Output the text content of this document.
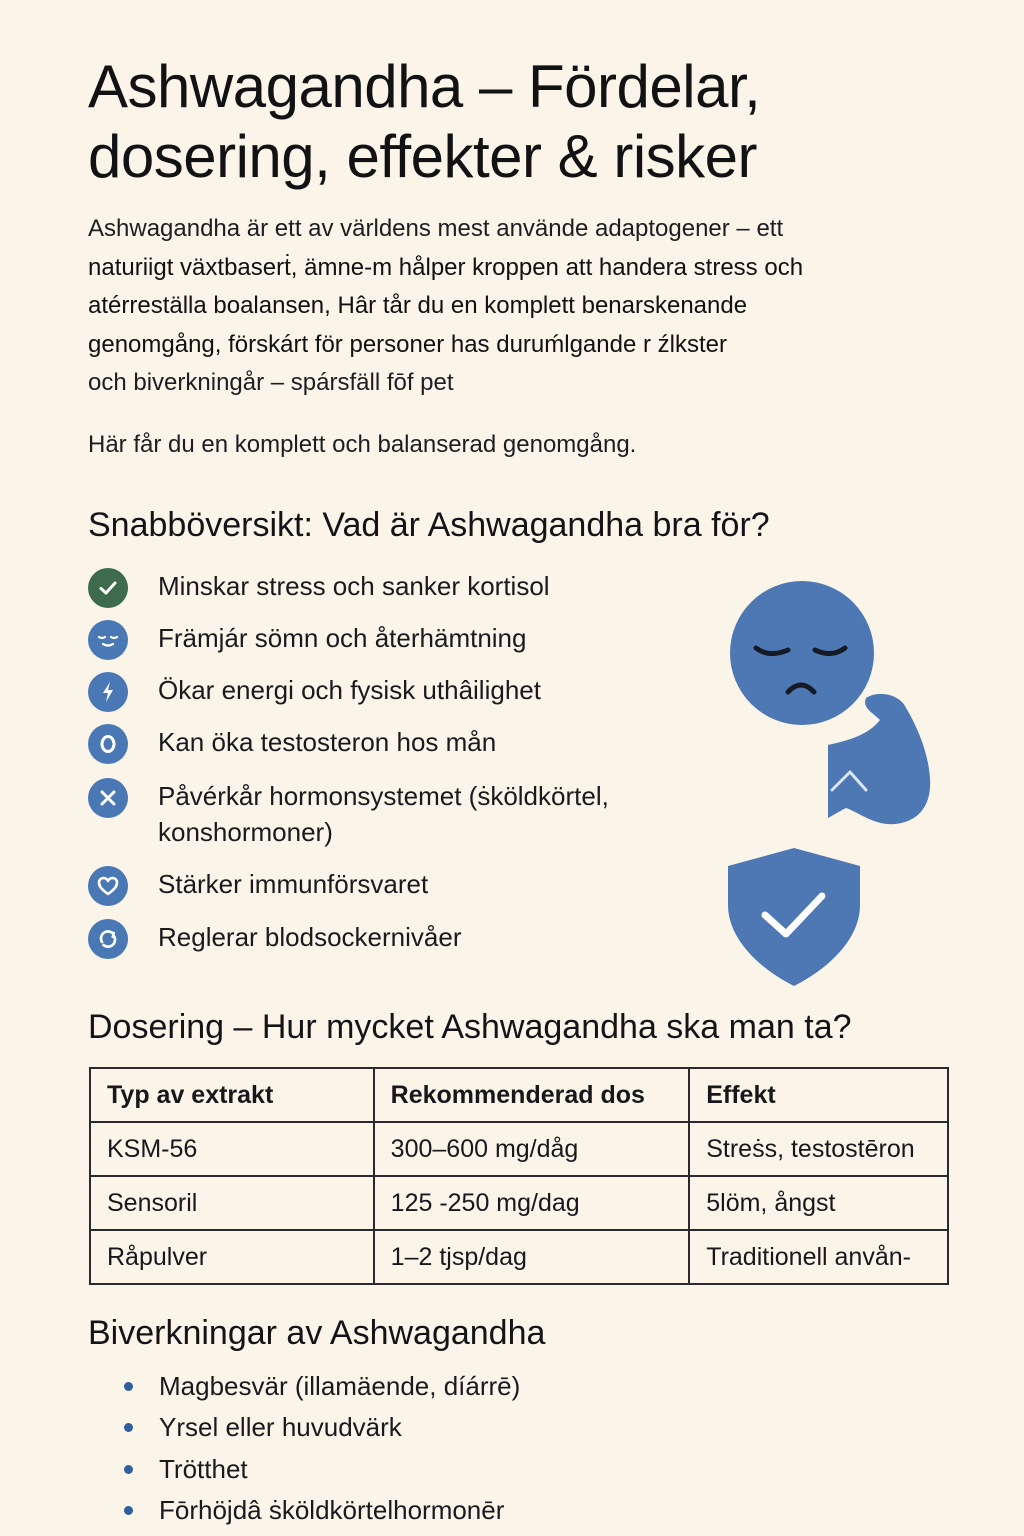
Ashwagandha – Fördelar, dosering, effekter & risker
Ashwagandha är ett av världens mest använde adaptogener – ett
naturiigt växtbaserṫ, ämne-m hålper kroppen att handera stress och
atérreställa boalansen, Hâr tår du en komplett benarskenande
genomgång, förskárt för personer has duruḿlgande r źlkster
och biverkningår – spársfäll fōf pet

Här får du en komplett och balanserad genomgång.

Snabböversikt: Vad är Ashwagandha bra för?
Minskar stress och sanker kortisol
Främjár sömn och återhämtning
Ökar energi och fysisk uthâilighet
Kan öka testosteron hos mån
Påvérkår hormonsystemet (ṡköldkörtel, konshormoner)
Stärker immunförsvaret
Reglerar blodsockernivåer
Dosering – Hur mycket Ashwagandha ska man ta?
Typ av extrakt	Rekommenderad dos	Effekt
KSM-56	300–600 mg/dåg	Streṡs, testostēron
Sensoril	125 -250 mg/dag	5löm, ångst
Råpulver	1–2 tjsp/dag	Traditionell anvån-
Biverkningar av Ashwagandha
Magbesvär (illamäende, díárrē)
Yrsel eller huvudvärk
Trötthet
Fōrhöjdâ ṡköldkörtelhormonēr
